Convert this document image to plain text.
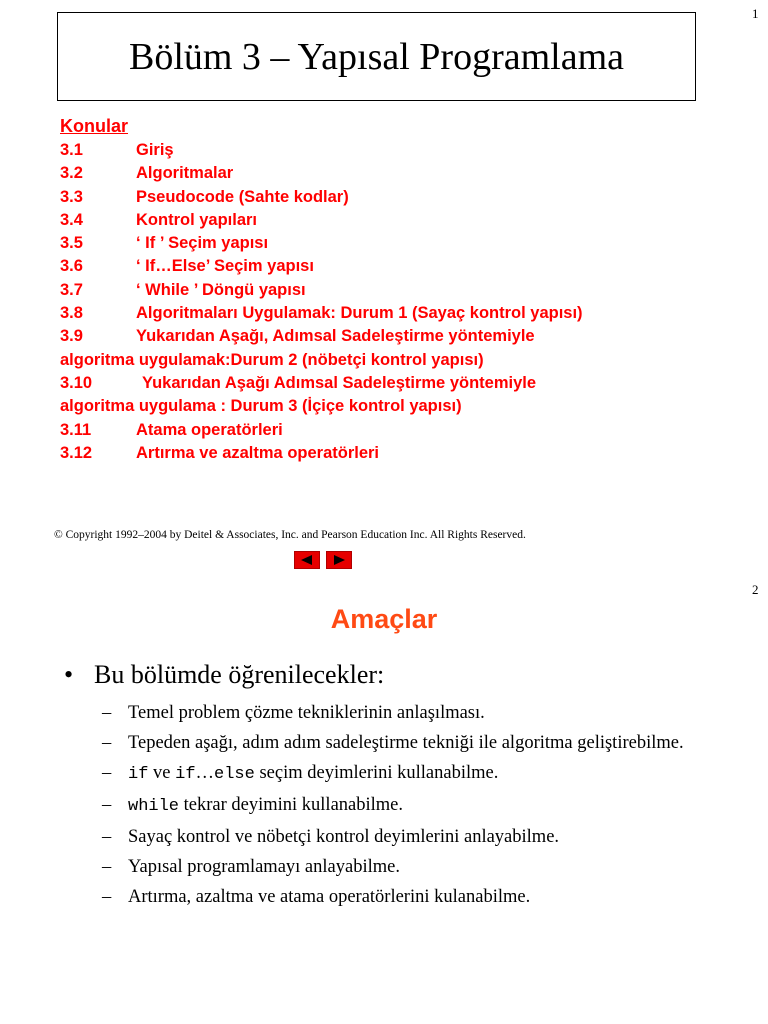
1
Bölüm 3 – Yapısal Programlama
Konular
3.1	Giriş
3.2	Algoritmalar
3.3	Pseudocode (Sahte kodlar)
3.4	Kontrol yapıları
3.5	‘ If ’ Seçim yapısı
3.6	‘ If…Else’ Seçim yapısı
3.7	‘ While ’ Döngü yapısı
3.8	Algoritmaları Uygulamak: Durum 1 (Sayaç kontrol yapısı)
3.9	Yukarıdan Aşağı, Adımsal Sadeleştirme yöntemiyle
algoritma uygulamak:Durum 2 (nöbetçi kontrol yapısı)
3.10	Yukarıdan Aşağı Adımsal Sadeleştirme yöntemiyle
algoritma uygulama : Durum 3 (İçiçe kontrol yapısı)
3.11	Atama operatörleri
3.12	Artırma ve azaltma operatörleri
© Copyright 1992–2004 by Deitel & Associates, Inc. and Pearson Education Inc. All Rights Reserved.
2
Amaçlar
• Bu bölümde öğrenilecekler:
– Temel problem çözme tekniklerinin anlaşılması.
– Tepeden aşağı, adım adım sadeleştirme tekniği ile algoritma geliştirebilme.
– if ve if…else seçim deyimlerini kullanabilme.
– while tekrar deyimini kullanabilme.
– Sayaç kontrol ve nöbetçi kontrol deyimlerini anlayabilme.
– Yapısal programlamayı anlayabilme.
– Artırma, azaltma ve atama operatörlerini kulanabilme.
